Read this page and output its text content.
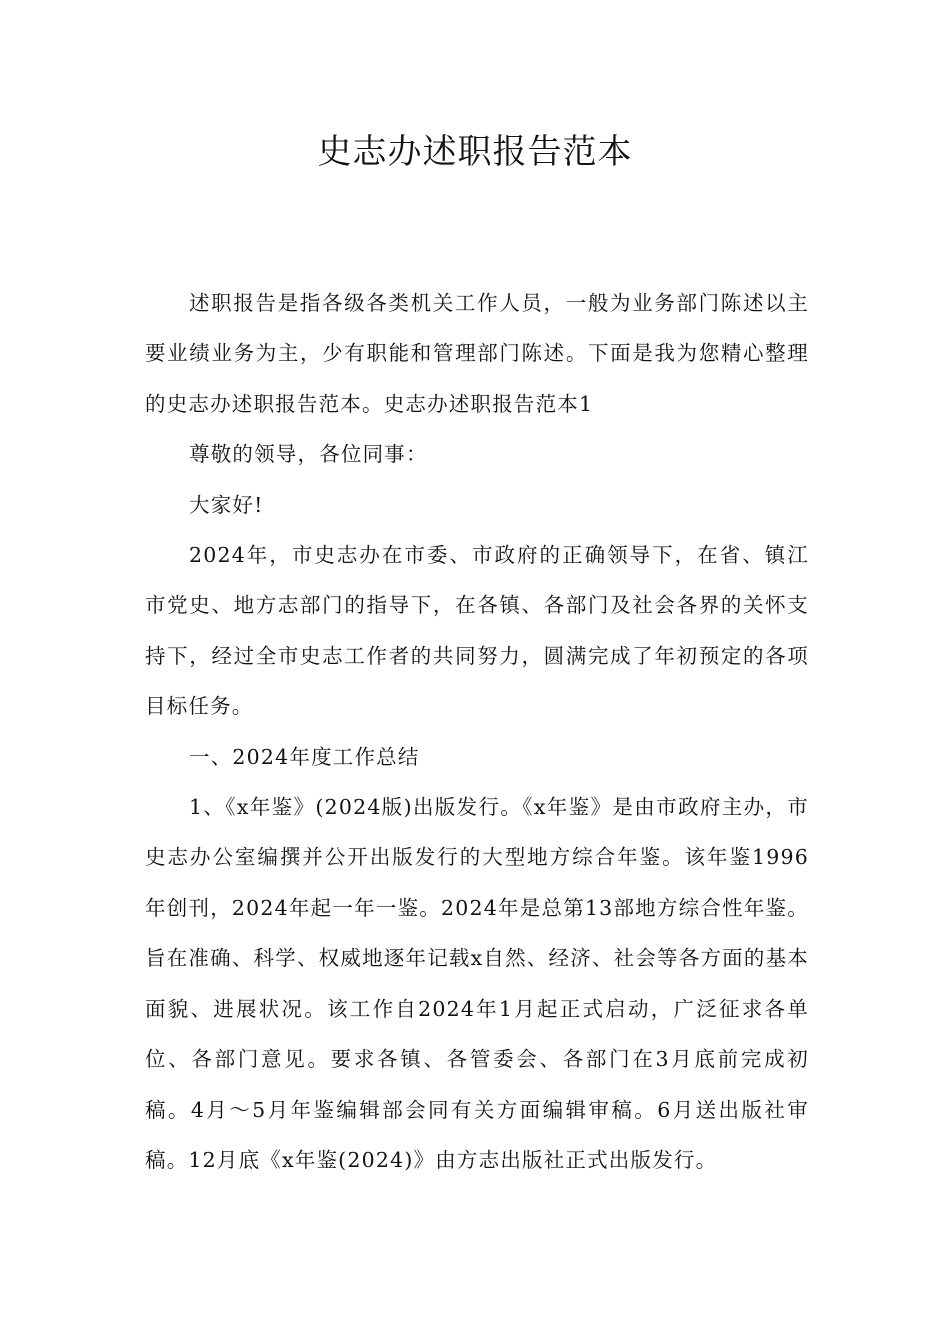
史志办述职报告范本

述职报告是指各级各类机关工作人员，一般为业务部门陈述以主要业绩业务为主，少有职能和管理部门陈述。下面是我为您精心整理的史志办述职报告范本。史志办述职报告范本1

尊敬的领导，各位同事：

大家好!

2024年，市史志办在市委、市政府的正确领导下，在省、镇江市党史、地方志部门的指导下，在各镇、各部门及社会各界的关怀支持下，经过全市史志工作者的共同努力，圆满完成了年初预定的各项目标任务。

一、2024年度工作总结

1、《x年鉴》(2024版)出版发行。《x年鉴》是由市政府主办，市史志办公室编撰并公开出版发行的大型地方综合年鉴。该年鉴1996年创刊，2024年起一年一鉴。2024年是总第13部地方综合性年鉴。旨在准确、科学、权威地逐年记载x自然、经济、社会等各方面的基本面貌、进展状况。该工作自2024年1月起正式启动，广泛征求各单位、各部门意见。要求各镇、各管委会、各部门在3月底前完成初稿。4月～5月年鉴编辑部会同有关方面编辑审稿。6月送出版社审稿。12月底《x年鉴(2024)》由方志出版社正式出版发行。
